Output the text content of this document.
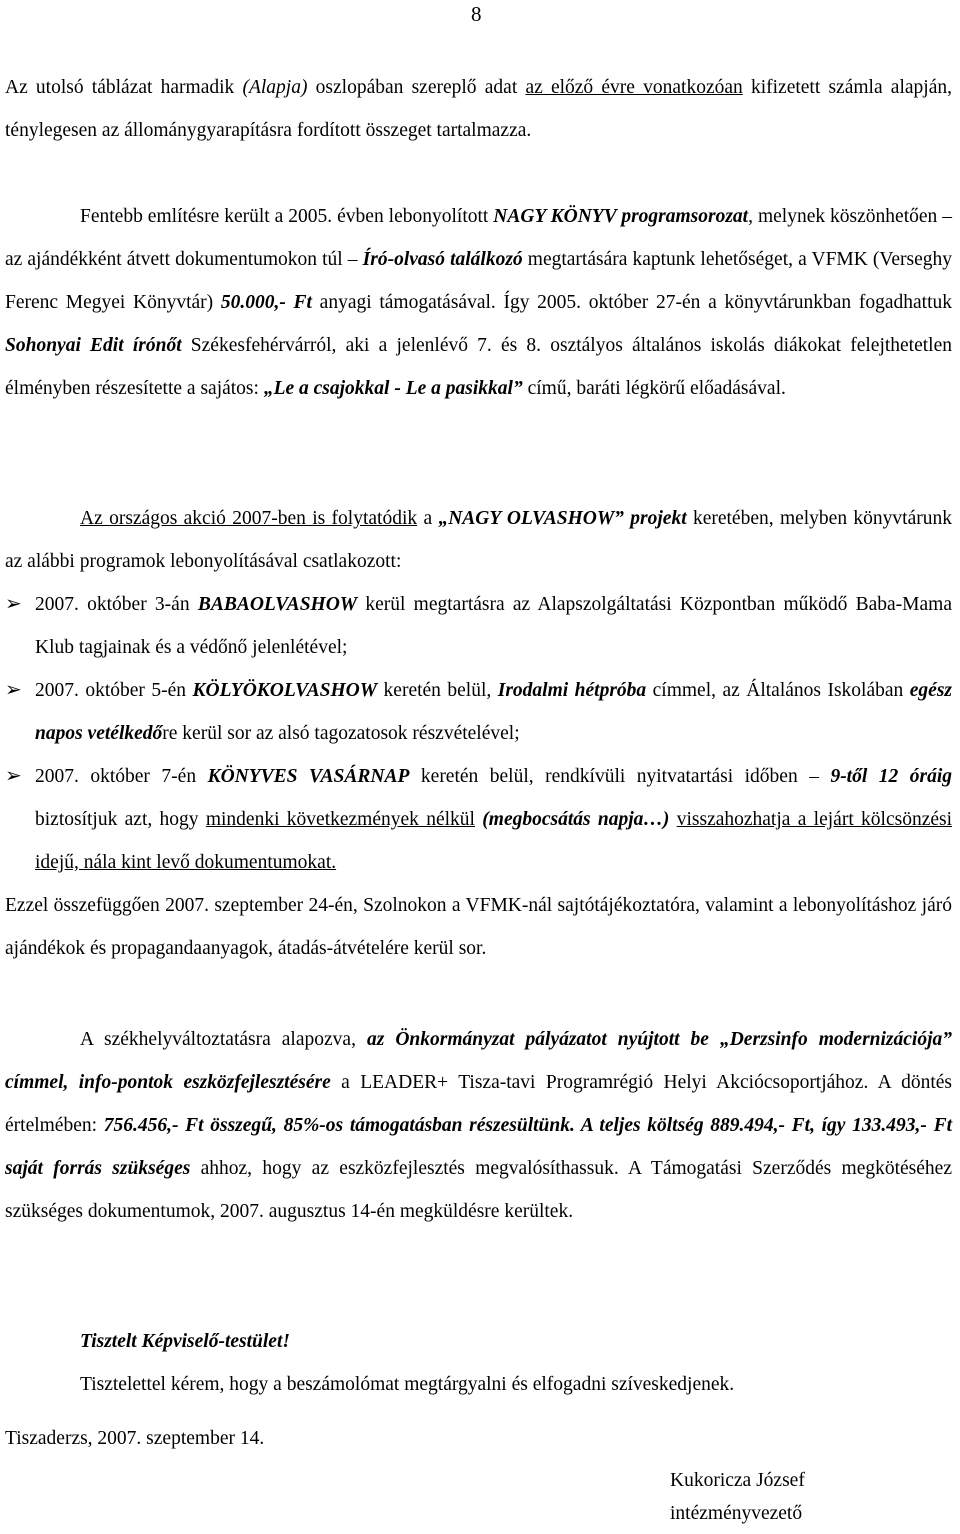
8

Az utolsó táblázat harmadik (Alapja) oszlopában szereplő adat az előző évre vonatkozóan kifizetett számla alapján, ténylegesen az állománygyarapításra fordított összeget tartalmazza.

Fentebb említésre került a 2005. évben lebonyolított NAGY KÖNYV programsorozat, melynek köszönhetően – az ajándékként átvett dokumentumokon túl – Író-olvasó találkozó megtartására kaptunk lehetőséget, a VFMK (Verseghy Ferenc Megyei Könyvtár) 50.000,- Ft anyagi támogatásával. Így 2005. október 27-én a könyvtárunkban fogadhattuk Sohonyai Edit írónőt Székesfehérvárról, aki a jelenlévő 7. és 8. osztályos általános iskolás diákokat felejthetetlen élményben részesítette a sajátos: „Le a csajokkal - Le a pasikkal” című, baráti légkörű előadásával.

Az országos akció 2007-ben is folytatódik a „NAGY OLVASHOW” projekt keretében, melyben könyvtárunk az alábbi programok lebonyolításával csatlakozott:

➢ 2007. október 3-án BABAOLVASHOW kerül megtartásra az Alapszolgáltatási Központban működő Baba-Mama Klub tagjainak és a védőnő jelenlétével;
➢ 2007. október 5-én KÖLYÖKOLVASHOW keretén belül, Irodalmi hétpróba címmel, az Általános Iskolában egész napos vetélkedőre kerül sor az alsó tagozatosok részvételével;
➢ 2007. október 7-én KÖNYVES VASÁRNAP keretén belül, rendkívüli nyitvatartási időben – 9-től 12 óráig biztosítjuk azt, hogy mindenki következmények nélkül (megbocsátás napja…) visszahozhatja a lejárt kölcsönzési idejű, nála kint levő dokumentumokat.

Ezzel összefüggően 2007. szeptember 24-én, Szolnokon a VFMK-nál sajtótájékoztatóra, valamint a lebonyolításhoz járó ajándékok és propagandaanyagok, átadás-átvételére kerül sor.

A székhelyváltoztatásra alapozva, az Önkormányzat pályázatot nyújtott be „Derzsinfo modernizációja” címmel, info-pontok eszközfejlesztésére a LEADER+ Tisza-tavi Programrégió Helyi Akciócsoportjához. A döntés értelmében: 756.456,- Ft összegű, 85%-os támogatásban részesültünk. A teljes költség 889.494,- Ft, így 133.493,- Ft saját forrás szükséges ahhoz, hogy az eszközfejlesztés megvalósíthassuk. A Támogatási Szerződés megkötéséhez szükséges dokumentumok, 2007. augusztus 14-én megküldésre kerültek.

Tisztelt Képviselő-testület!

Tisztelettel kérem, hogy a beszámolómat megtárgyalni és elfogadni szíveskedjenek.

Tiszaderzs, 2007. szeptember 14.

Kukoricza József
intézményvezető
